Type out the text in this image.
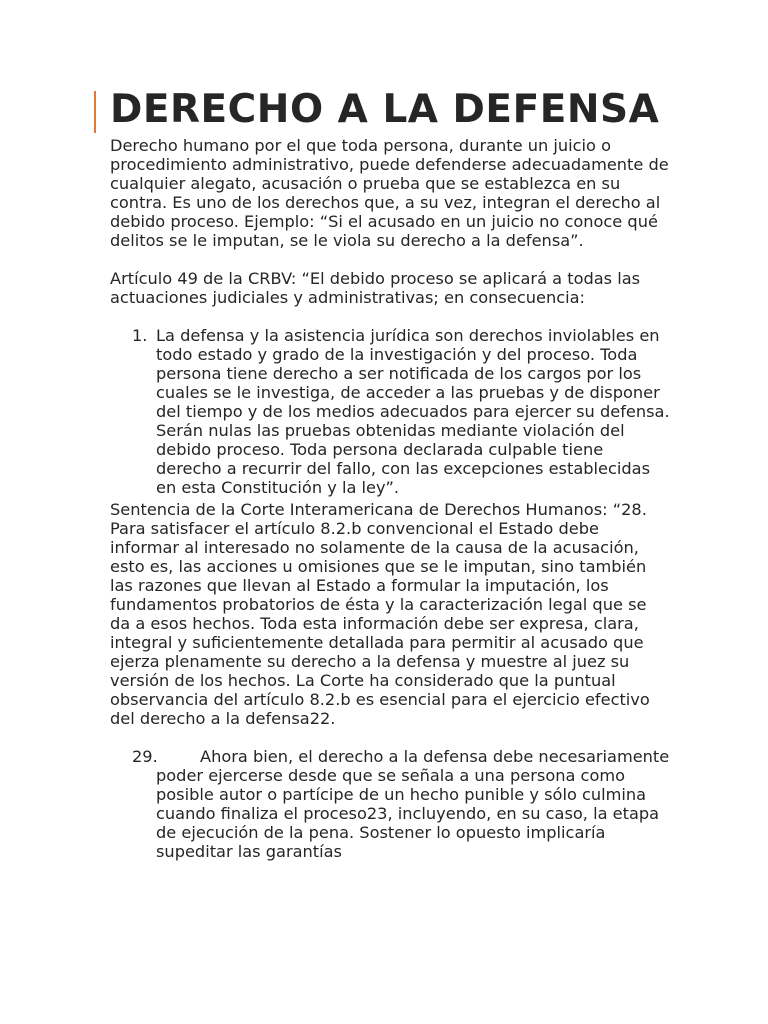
DERECHO A LA DEFENSA

Derecho humano por el que toda persona, durante un juicio o procedimiento administrativo, puede defenderse adecuadamente de cualquier alegato, acusación o prueba que se establezca en su contra. Es uno de los derechos que, a su vez, integran el derecho al debido proceso. Ejemplo: “Si el acusado en un juicio no conoce qué delitos se le imputan, se le viola su derecho a la defensa”.

Artículo 49 de la CRBV: “El debido proceso se aplicará a todas las actuaciones judiciales y administrativas; en consecuencia:

1. La defensa y la asistencia jurídica son derechos inviolables en todo estado y grado de la investigación y del proceso. Toda persona tiene derecho a ser notificada de los cargos por los cuales se le investiga, de acceder a las pruebas y de disponer del tiempo y de los medios adecuados para ejercer su defensa. Serán nulas las pruebas obtenidas mediante violación del debido proceso. Toda persona declarada culpable tiene derecho a recurrir del fallo, con las excepciones establecidas en esta Constitución y la ley”.

Sentencia de la Corte Interamericana de Derechos Humanos: “28. Para satisfacer el artículo 8.2.b convencional el Estado debe informar al interesado no solamente de la causa de la acusación, esto es, las acciones u omisiones que se le imputan, sino también las razones que llevan al Estado a formular la imputación, los fundamentos probatorios de ésta y la caracterización legal que se da a esos hechos. Toda esta información debe ser expresa, clara, integral y suficientemente detallada para permitir al acusado que ejerza plenamente su derecho a la defensa y muestre al juez su versión de los hechos. La Corte ha considerado que la puntual observancia del artículo 8.2.b es esencial para el ejercicio efectivo del derecho a la defensa22.

29.	Ahora bien, el derecho a la defensa debe necesariamente poder ejercerse desde que se señala a una persona como posible autor o partícipe de un hecho punible y sólo culmina cuando finaliza el proceso23, incluyendo, en su caso, la etapa de ejecución de la pena. Sostener lo opuesto implicaría supeditar las garantías
